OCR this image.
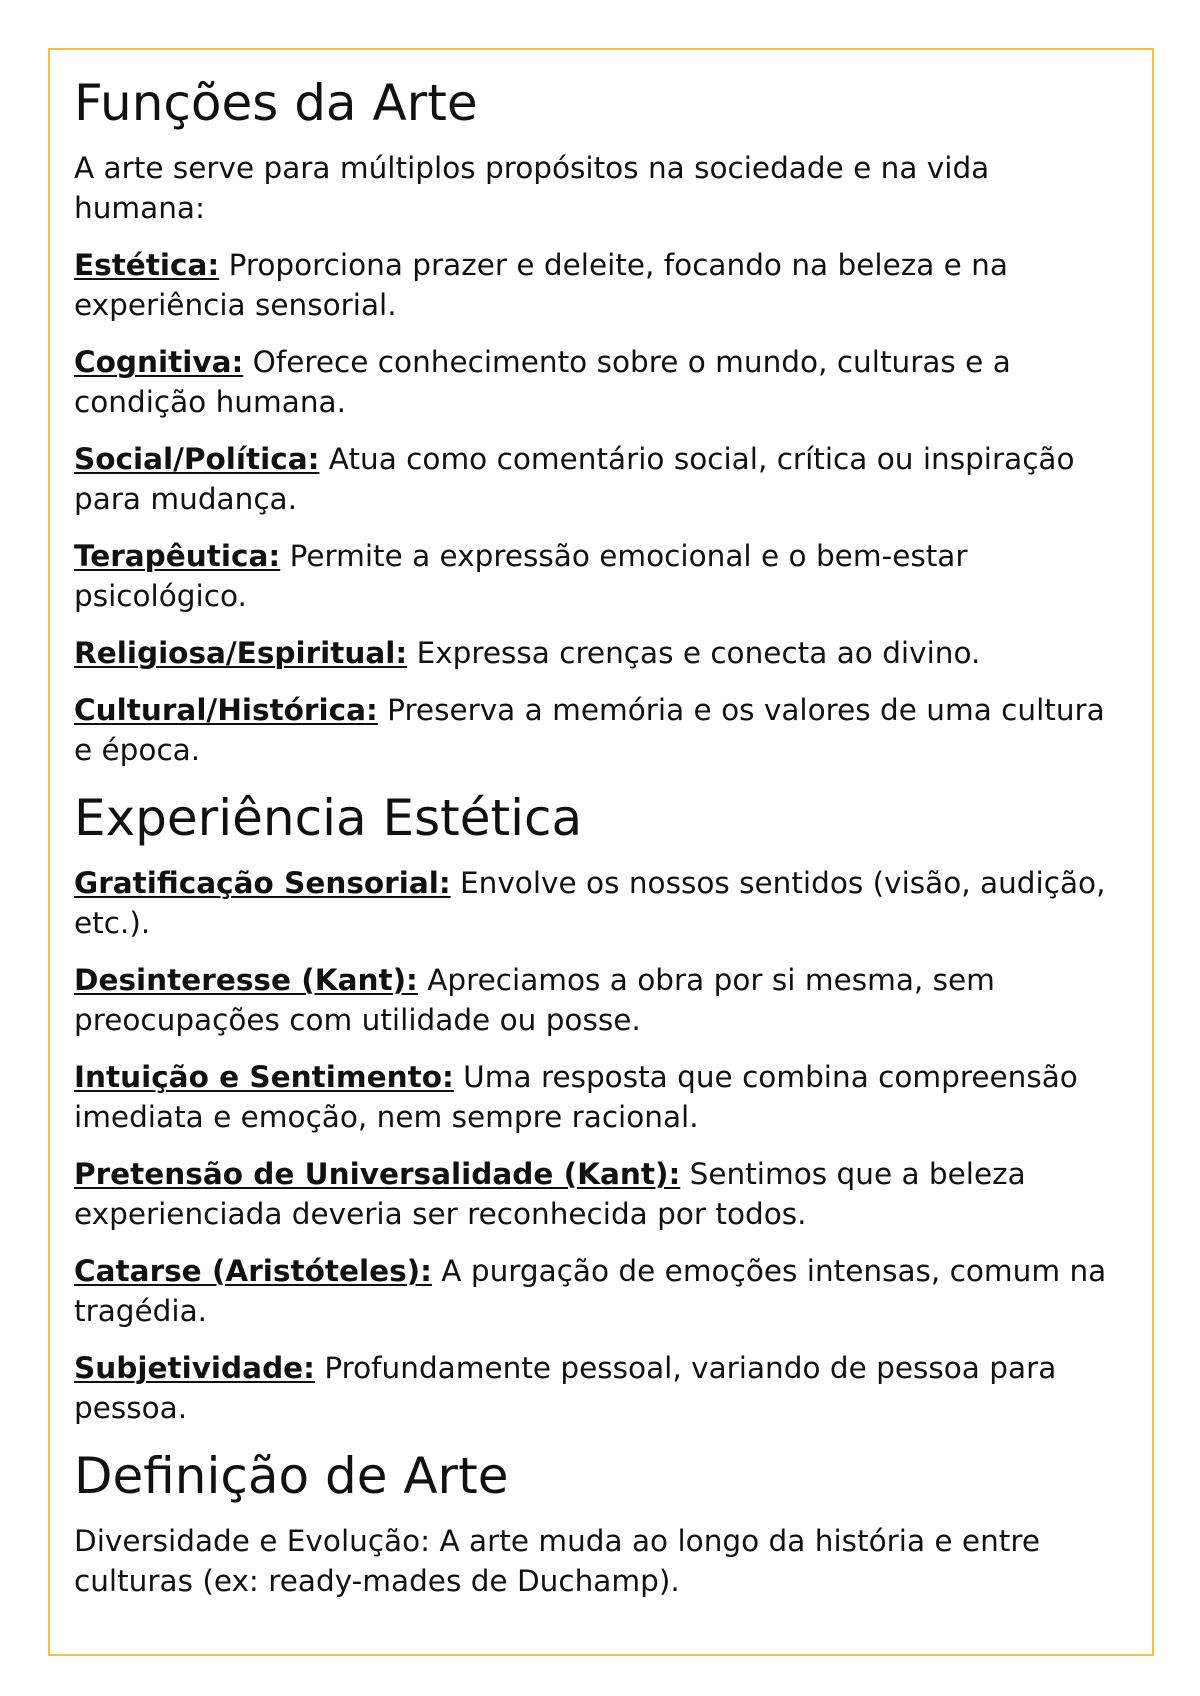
Funções da Arte

A arte serve para múltiplos propósitos na sociedade e na vida humana:

Estética: Proporciona prazer e deleite, focando na beleza e na experiência sensorial.

Cognitiva: Oferece conhecimento sobre o mundo, culturas e a condição humana.

Social/Política: Atua como comentário social, crítica ou inspiração para mudança.

Terapêutica: Permite a expressão emocional e o bem-estar psicológico.

Religiosa/Espiritual: Expressa crenças e conecta ao divino.

Cultural/Histórica: Preserva a memória e os valores de uma cultura e época.

Experiência Estética

Gratificação Sensorial: Envolve os nossos sentidos (visão, audição, etc.).

Desinteresse (Kant): Apreciamos a obra por si mesma, sem preocupações com utilidade ou posse.

Intuição e Sentimento: Uma resposta que combina compreensão imediata e emoção, nem sempre racional.

Pretensão de Universalidade (Kant): Sentimos que a beleza experienciada deveria ser reconhecida por todos.

Catarse (Aristóteles): A purgação de emoções intensas, comum na tragédia.

Subjetividade: Profundamente pessoal, variando de pessoa para pessoa.

Definição de Arte

Diversidade e Evolução: A arte muda ao longo da história e entre culturas (ex: ready-mades de Duchamp).
